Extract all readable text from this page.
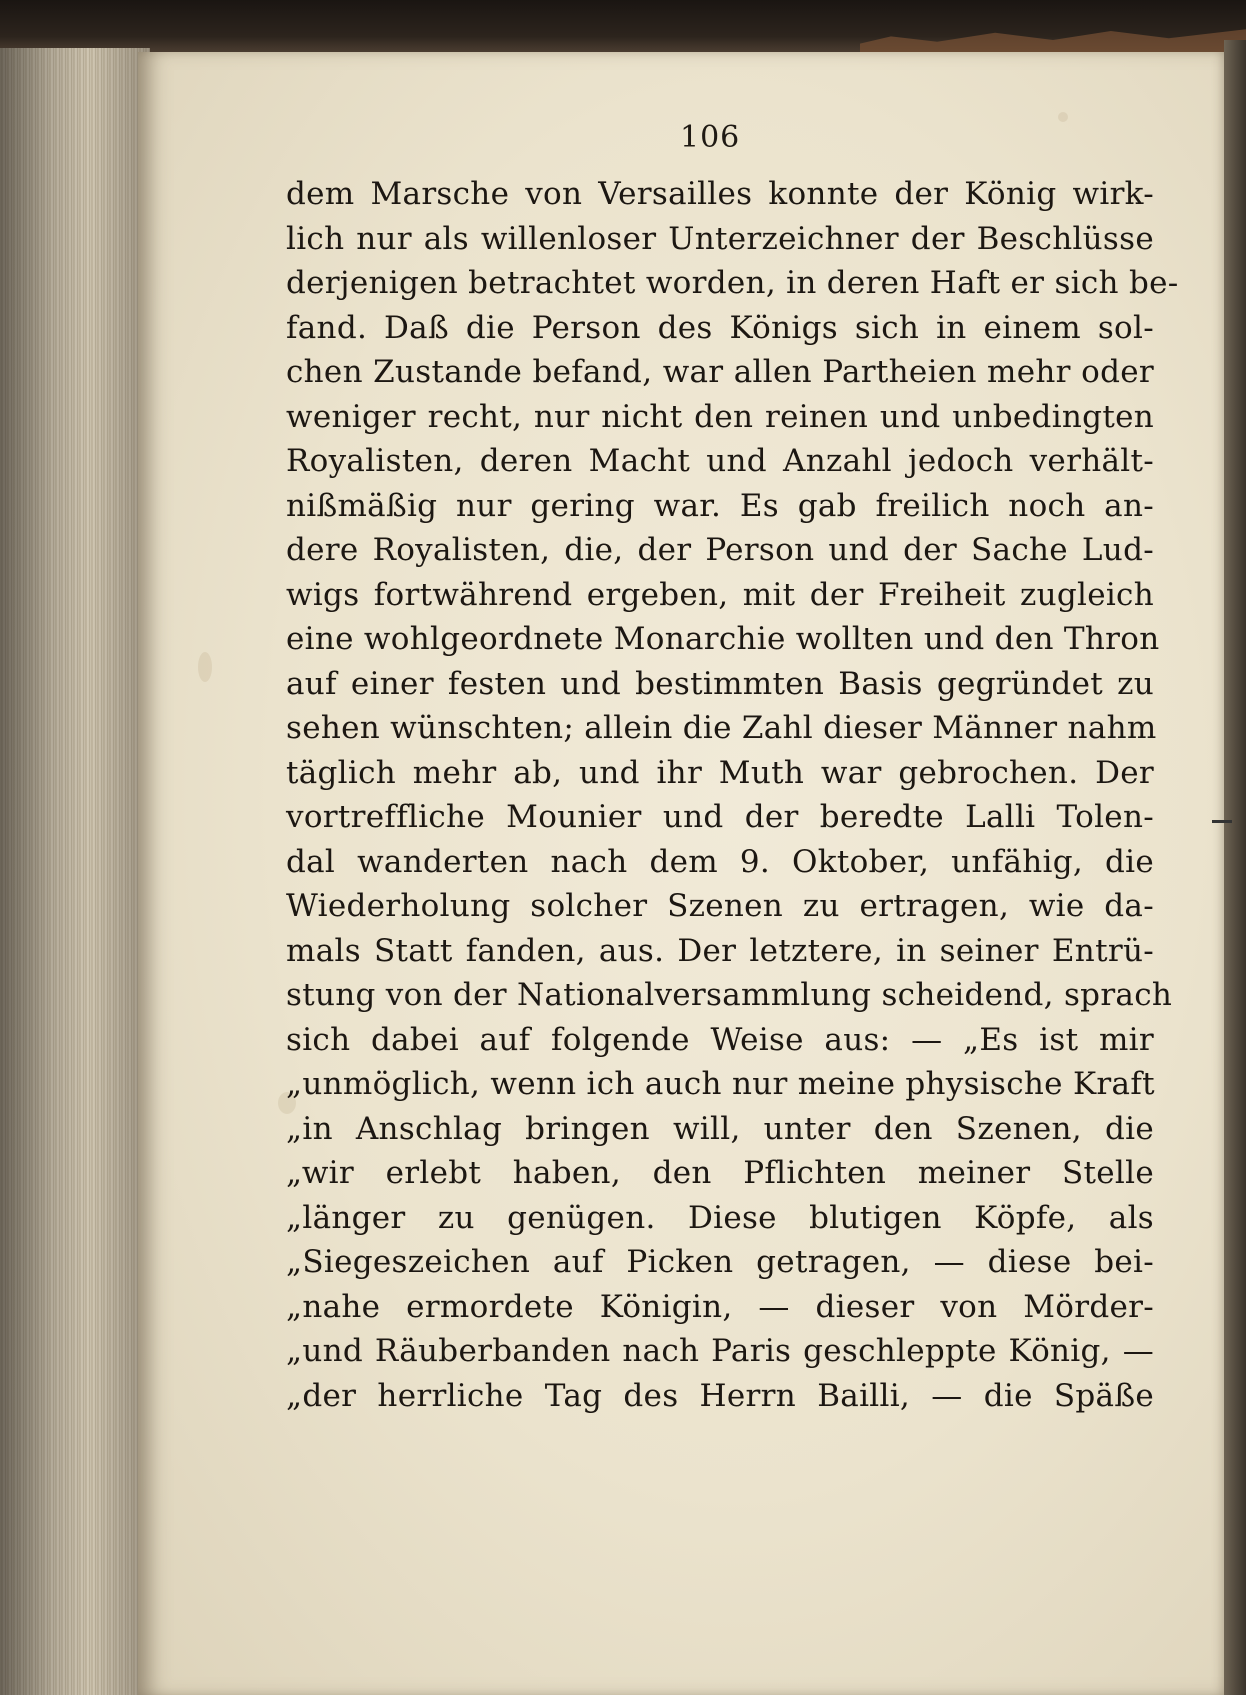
106
dem Marsche von Versailles konnte der König wirk-
lich nur als willenloser Unterzeichner der Beschlüsse
derjenigen betrachtet worden, in deren Haft er sich be-
fand. Daß die Person des Königs sich in einem sol-
chen Zustande befand, war allen Partheien mehr oder
weniger recht, nur nicht den reinen und unbedingten
Royalisten, deren Macht und Anzahl jedoch verhält-
nißmäßig nur gering war. Es gab freilich noch an-
dere Royalisten, die, der Person und der Sache Lud-
wigs fortwährend ergeben, mit der Freiheit zugleich
eine wohlgeordnete Monarchie wollten und den Thron
auf einer festen und bestimmten Basis gegründet zu
sehen wünschten; allein die Zahl dieser Männer nahm
täglich mehr ab, und ihr Muth war gebrochen. Der
vortreffliche Mounier und der beredte Lalli Tolen-
dal wanderten nach dem 9. Oktober, unfähig, die
Wiederholung solcher Szenen zu ertragen, wie da-
mals Statt fanden, aus. Der letztere, in seiner Entrü-
stung von der Nationalversammlung scheidend, sprach
sich dabei auf folgende Weise aus: — „Es ist mir
„unmöglich, wenn ich auch nur meine physische Kraft
„in Anschlag bringen will, unter den Szenen, die
„wir erlebt haben, den Pflichten meiner Stelle
„länger zu genügen. Diese blutigen Köpfe, als
„Siegeszeichen auf Picken getragen, — diese bei-
„nahe ermordete Königin, — dieser von Mörder-
„und Räuberbanden nach Paris geschleppte König, —
„der herrliche Tag des Herrn Bailli, — die Späße
